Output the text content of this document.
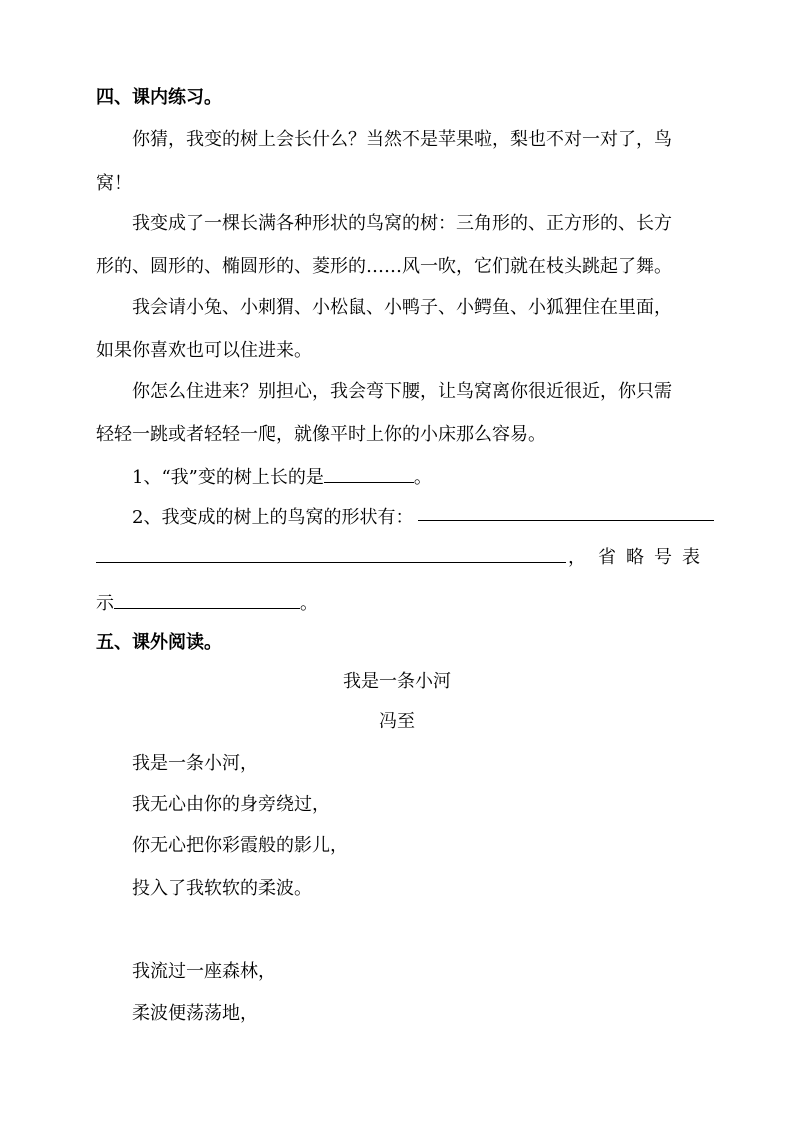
四、课内练习。
你猜，我变的树上会长什么？当然不是苹果啦，梨也不对一对了，鸟
窝！
我变成了一棵长满各种形状的鸟窝的树：三角形的、正方形的、长方
形的、圆形的、椭圆形的、菱形的……风一吹，它们就在枝头跳起了舞。
我会请小兔、小刺猬、小松鼠、小鸭子、小鳄鱼、小狐狸住在里面，
如果你喜欢也可以住进来。
你怎么住进来？别担心，我会弯下腰，让鸟窝离你很近很近，你只需
轻轻一跳或者轻轻一爬，就像平时上你的小床那么容易。
1、“我”变的树上长的是	。
2、我变成的树上的鸟窝的形状有：
， 省 略 号 表
示	。
五、课外阅读。
我是一条小河
冯至
我是一条小河，
我无心由你的身旁绕过，
你无心把你彩霞般的影儿，
投入了我软软的柔波。
我流过一座森林，
柔波便荡荡地，
